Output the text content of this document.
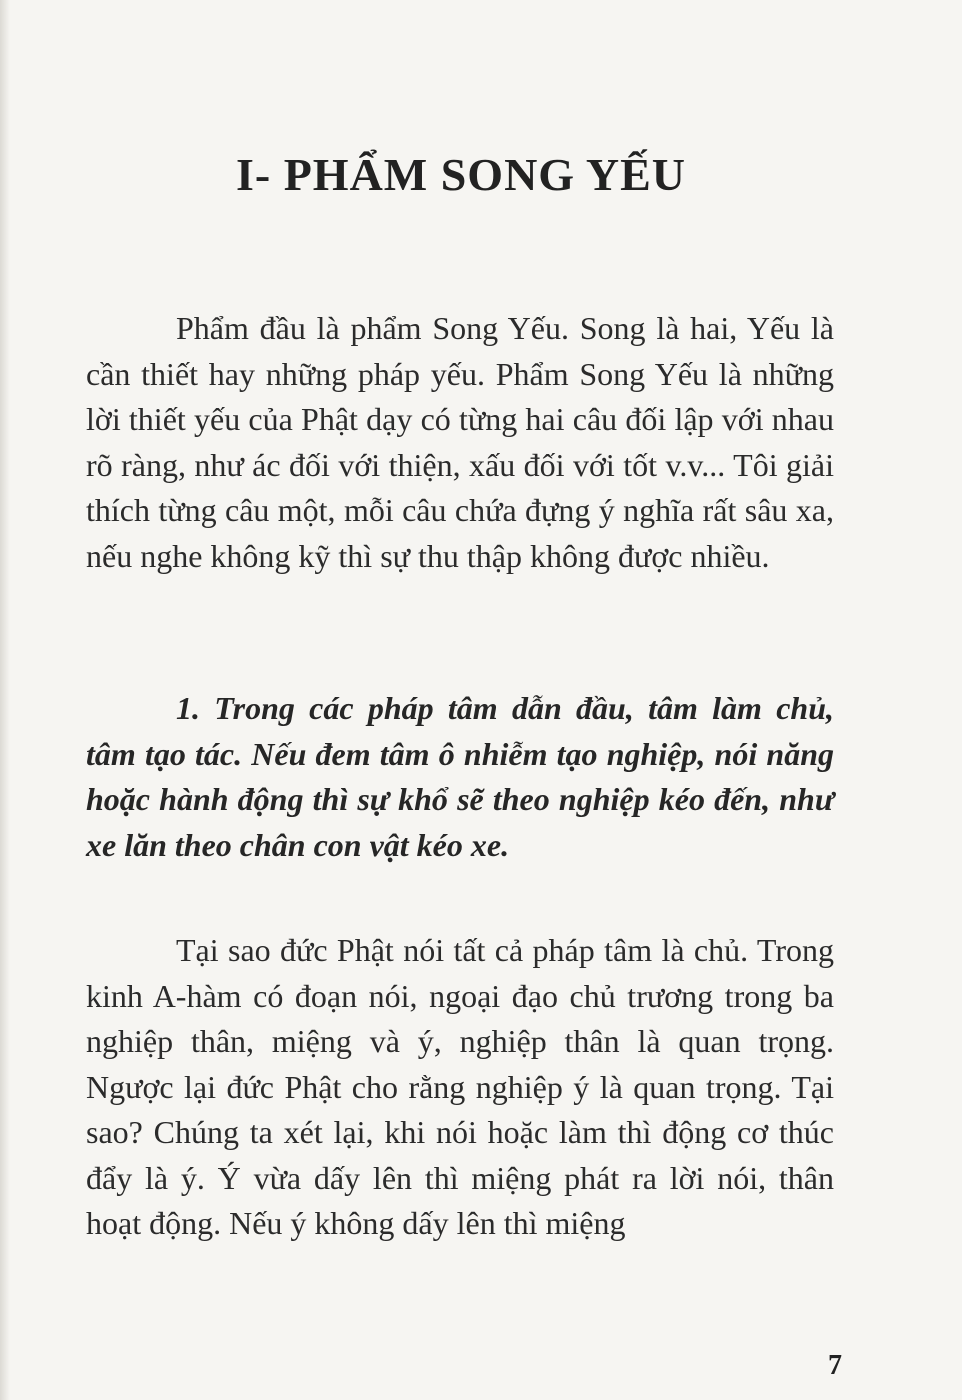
I- PHẨM SONG YẾU

Phẩm đầu là phẩm Song Yếu. Song là hai, Yếu là cần thiết hay những pháp yếu. Phẩm Song Yếu là những lời thiết yếu của Phật dạy có từng hai câu đối lập với nhau rõ ràng, như ác đối với thiện, xấu đối với tốt v.v... Tôi giải thích từng câu một, mỗi câu chứa đựng ý nghĩa rất sâu xa, nếu nghe không kỹ thì sự thu thập không được nhiều.

1. Trong các pháp tâm dẫn đầu, tâm làm chủ, tâm tạo tác. Nếu đem tâm ô nhiễm tạo nghiệp, nói năng hoặc hành động thì sự khổ sẽ theo nghiệp kéo đến, như xe lăn theo chân con vật kéo xe.

Tại sao đức Phật nói tất cả pháp tâm là chủ. Trong kinh A-hàm có đoạn nói, ngoại đạo chủ trương trong ba nghiệp thân, miệng và ý, nghiệp thân là quan trọng. Ngược lại đức Phật cho rằng nghiệp ý là quan trọng. Tại sao? Chúng ta xét lại, khi nói hoặc làm thì động cơ thúc đẩy là ý. Ý vừa dấy lên thì miệng phát ra lời nói, thân hoạt động. Nếu ý không dấy lên thì miệng

7
